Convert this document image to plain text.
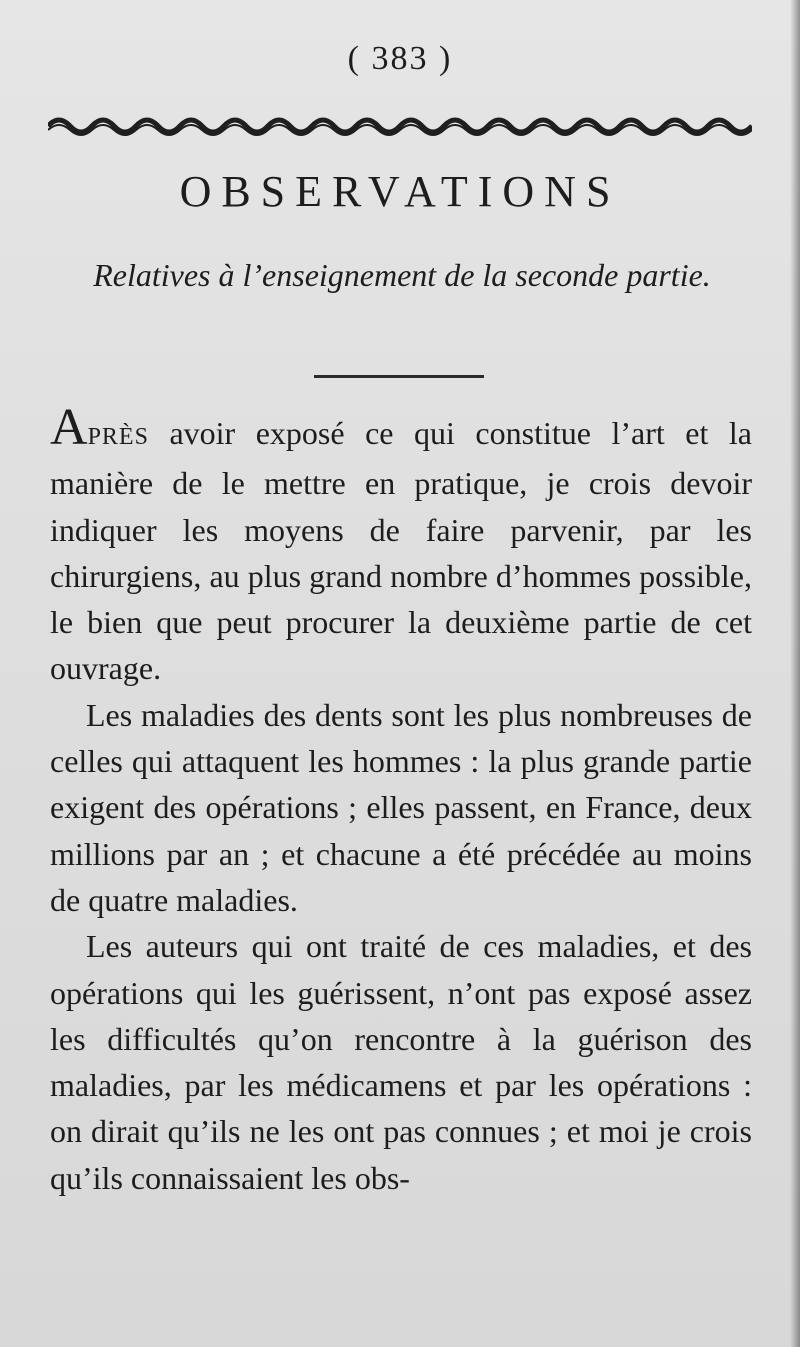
( 383 )
OBSERVATIONS
Relatives à l’enseignement de la seconde partie.

APRÈS avoir exposé ce qui constitue l’art et la manière de le mettre en pratique, je crois devoir indiquer les moyens de faire parvenir, par les chirurgiens, au plus grand nombre d’hommes possible, le bien que peut procurer la deuxième partie de cet ouvrage.

Les maladies des dents sont les plus nombreuses de celles qui attaquent les hommes : la plus grande partie exigent des opérations ; elles passent, en France, deux millions par an ; et chacune a été précédée au moins de quatre maladies.

Les auteurs qui ont traité de ces maladies, et des opérations qui les guérissent, n’ont pas exposé assez les difficultés qu’on rencontre à la guérison des maladies, par les médicamens et par les opérations : on dirait qu’ils ne les ont pas connues ; et moi je crois qu’ils connaissaient les obs-
